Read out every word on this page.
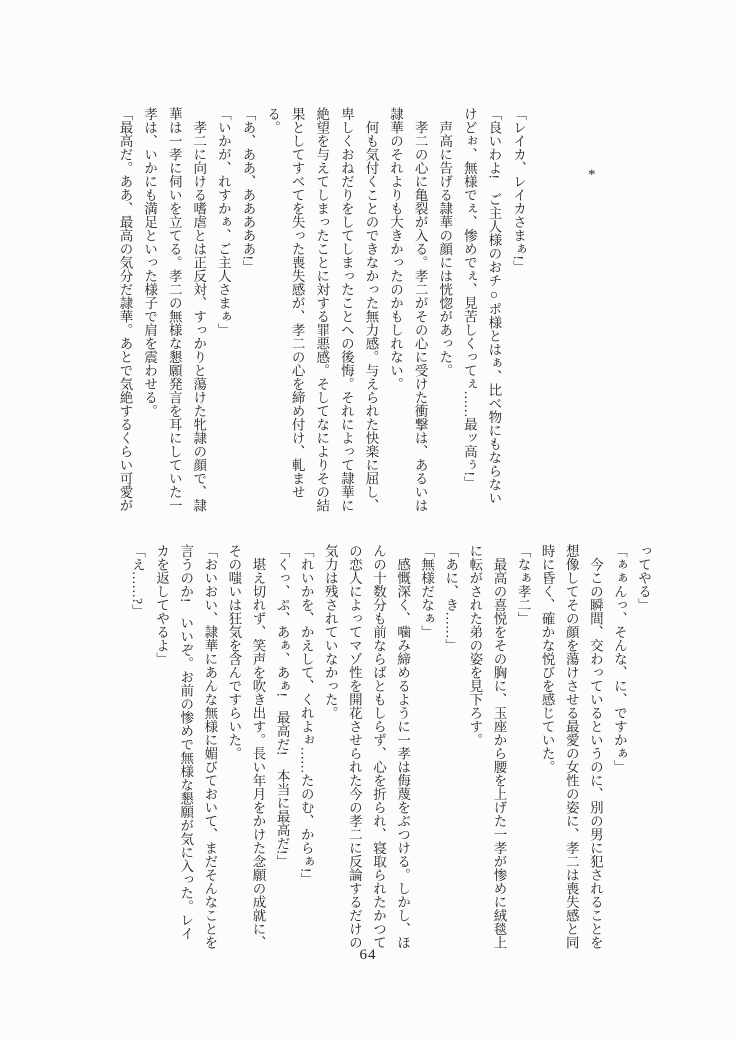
*
「レイカ、レイカさまぁ!」
「良いわよ!　ご主人様のおチ○ポ様とはぁ、比べ物にもならない
けどぉ、無様でぇ、惨めでぇ、見苦しくってぇ……最ッ高ぅ!」
　声高に告げる隷華の顔には恍惚があった。
　孝二の心に亀裂が入る。孝二がその心に受けた衝撃は、あるいは
隷華のそれよりも大きかったのかもしれない。
　何も気付くことのできなかった無力感。与えられた快楽に屈し、
卑しくおねだりをしてしまったことへの後悔。それによって隷華に
絶望を与えてしまったことに対する罪悪感。そしてなによりその結
果としてすべてを失った喪失感が、孝二の心を締め付け、軋ませ
る。
「あ、ああ、あああああ!」
「いかが、れすかぁ、ご主人さまぁ」
　孝二に向ける嗜虐とは正反対、すっかりと蕩けた牝隷の顔で、隷
華は一孝に伺いを立てる。孝二の無様な懇願発言を耳にしていた一
孝は、いかにも満足といった様子で肩を震わせる。
「最高だ。ああ、最高の気分だ隷華。あとで気絶するくらい可愛が
ってやる」
「ぁぁんっ、そんな、に、ですかぁ」
　今この瞬間、交わっているというのに、別の男に犯されることを
想像してその顔を蕩けさせる最愛の女性の姿に、孝二は喪失感と同
時に昏く、確かな悦びを感じていた。
「なぁ孝二」
　最高の喜悦をその胸に、玉座から腰を上げた一孝が惨めに絨毯上
に転がされた弟の姿を見下ろす。
「あに、き……」
「無様だなぁ」
　感慨深く、噛み締めるように一孝は侮蔑をぶつける。しかし、ほ
んの十数分も前ならばともしらず、心を折られ、寝取られたかつて
の恋人によってマゾ性を開花させられた今の孝二に反論するだけの
気力は残されていなかった。
「れいかを、かえして、くれよぉ……たのむ、からぁ!」
「くっ、ぷ、あぁ、あぁ!　最高だ!　本当に最高だ!」
　堪え切れず、笑声を吹き出す。長い年月をかけた念願の成就に、
その嗤いは狂気を含んですらいた。
「おいおい、隷華にあんな無様に媚びておいて、まだそんなことを
言うのか!　いいぞ。お前の惨めで無様な懇願が気に入った。レイ
カを返してやるよ」
「え……?」
64
